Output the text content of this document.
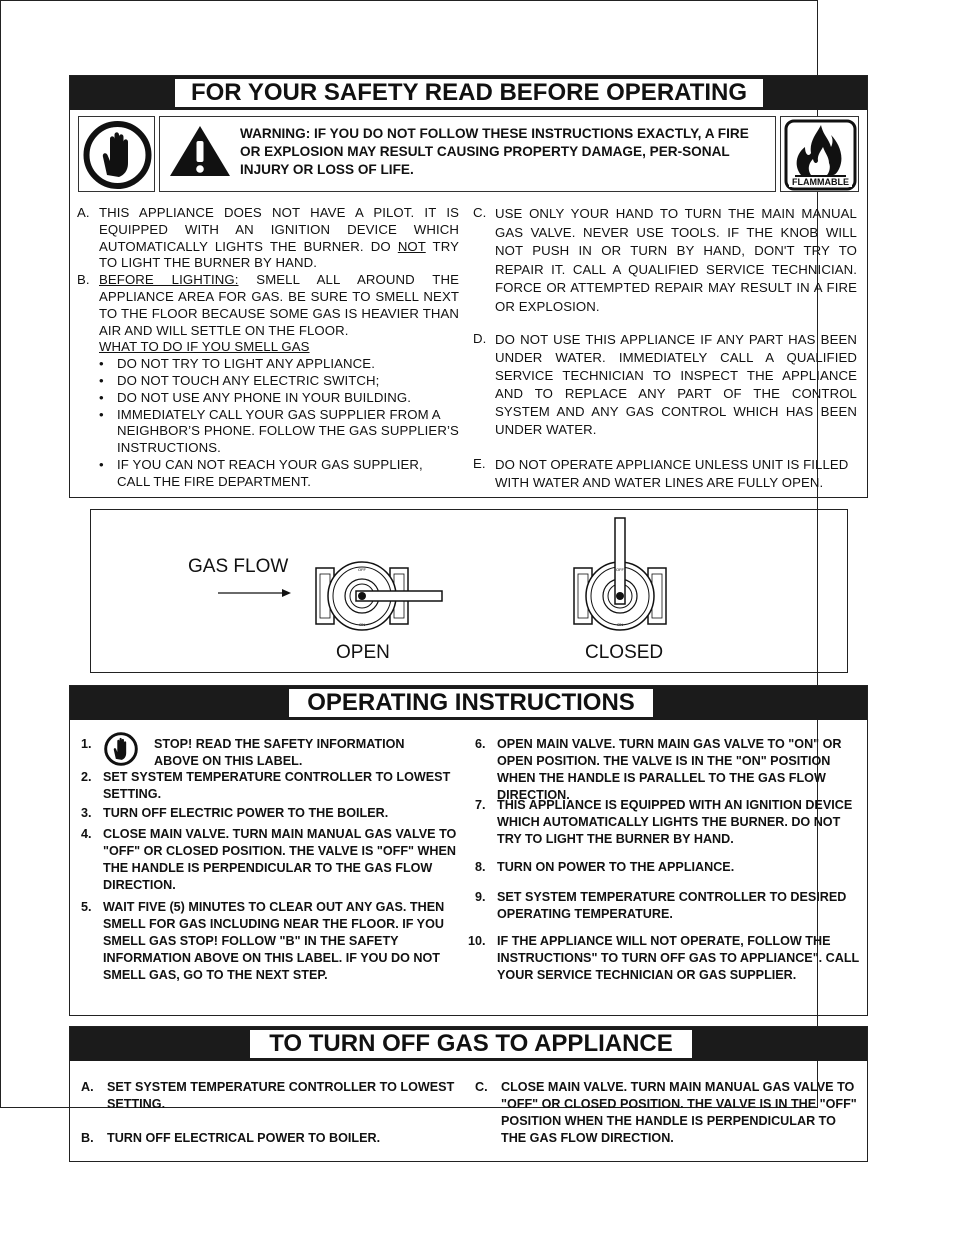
FOR YOUR SAFETY READ BEFORE OPERATING
WARNING: IF YOU DO NOT FOLLOW THESE INSTRUCTIONS EXACTLY, A FIRE OR EXPLOSION MAY RESULT CAUSING PROPERTY DAMAGE, PER-SONAL INJURY OR LOSS OF LIFE.
FLAMMABLE
A. THIS APPLIANCE DOES NOT HAVE A PILOT. IT IS EQUIPPED WITH AN IGNITION DEVICE WHICH AUTOMATICALLY LIGHTS THE BURNER. DO NOT TRY TO LIGHT THE BURNER BY HAND.
B. BEFORE LIGHTING: SMELL ALL AROUND THE APPLIANCE AREA FOR GAS. BE SURE TO SMELL NEXT TO THE FLOOR BECAUSE SOME GAS IS HEAVIER THAN AIR AND WILL SETTLE ON THE FLOOR.
WHAT TO DO IF YOU SMELL GAS
• DO NOT TRY TO LIGHT ANY APPLIANCE.
• DO NOT TOUCH ANY ELECTRIC SWITCH;
• DO NOT USE ANY PHONE IN YOUR BUILDING.
• IMMEDIATELY CALL YOUR GAS SUPPLIER FROM A NEIGHBOR’S PHONE. FOLLOW THE GAS SUPPLIER’S INSTRUCTIONS.
• IF YOU CAN NOT REACH YOUR GAS SUPPLIER, CALL THE FIRE DEPARTMENT.
C. USE ONLY YOUR HAND TO TURN THE MAIN MANUAL GAS VALVE. NEVER USE TOOLS. IF THE KNOB WILL NOT PUSH IN OR TURN BY HAND, DON'T TRY TO REPAIR IT. CALL A QUALIFIED SERVICE TECHNICIAN. FORCE OR ATTEMPTED REPAIR MAY RESULT IN A FIRE OR EXPLOSION.
D. DO NOT USE THIS APPLIANCE IF ANY PART HAS BEEN UNDER WATER. IMMEDIATELY CALL A QUALIFIED SERVICE TECHNICIAN TO INSPECT THE APPLIANCE AND TO REPLACE ANY PART OF THE CONTROL SYSTEM AND ANY GAS CONTROL WHICH HAS BEEN UNDER WATER.
E. DO NOT OPERATE APPLIANCE UNLESS UNIT IS FILLED WITH WATER AND WATER LINES ARE FULLY OPEN.
GAS FLOW	OFF
ON
OFF
ON
OPEN	CLOSED
OPERATING INSTRUCTIONS
1.	STOP! READ THE SAFETY INFORMATION ABOVE ON THIS LABEL.
2. SET SYSTEM TEMPERATURE CONTROLLER TO LOWEST SETTING.
3. TURN OFF ELECTRIC POWER TO THE BOILER.
4. CLOSE MAIN VALVE. TURN MAIN MANUAL GAS VALVE TO "OFF" OR CLOSED POSITION. THE VALVE IS "OFF" WHEN THE HANDLE IS PERPENDICULAR TO THE GAS FLOW DIRECTION.
5. WAIT FIVE (5) MINUTES TO CLEAR OUT ANY GAS. THEN SMELL FOR GAS INCLUDING NEAR THE FLOOR. IF YOU SMELL GAS STOP! FOLLOW "B" IN THE SAFETY INFORMATION ABOVE ON THIS LABEL. IF YOU DO NOT SMELL GAS, GO TO THE NEXT STEP.
6. OPEN MAIN VALVE. TURN MAIN GAS VALVE TO "ON" OR OPEN POSITION. THE VALVE IS IN THE "ON" POSITION WHEN THE HANDLE IS PARALLEL TO THE GAS FLOW DIRECTION.
7. THIS APPLIANCE IS EQUIPPED WITH AN IGNITION DEVICE WHICH AUTOMATICALLY LIGHTS THE BURNER. DO NOT TRY TO LIGHT THE BURNER BY HAND.
8. TURN ON POWER TO THE APPLIANCE.
9. SET SYSTEM TEMPERATURE CONTROLLER TO DESIRED OPERATING TEMPERATURE.
10. IF THE APPLIANCE WILL NOT OPERATE, FOLLOW THE INSTRUCTIONS" TO TURN OFF GAS TO APPLIANCE". CALL YOUR SERVICE TECHNICIAN OR GAS SUPPLIER.
TO TURN OFF GAS TO APPLIANCE
A. SET SYSTEM TEMPERATURE CONTROLLER TO LOWEST SETTING.
B. TURN OFF ELECTRICAL POWER TO BOILER.
C. CLOSE MAIN VALVE. TURN MAIN MANUAL GAS VALVE TO "OFF" OR CLOSED POSITION. THE VALVE IS IN THE "OFF" POSITION WHEN THE HANDLE IS PERPENDICULAR TO THE GAS FLOW DIRECTION.
